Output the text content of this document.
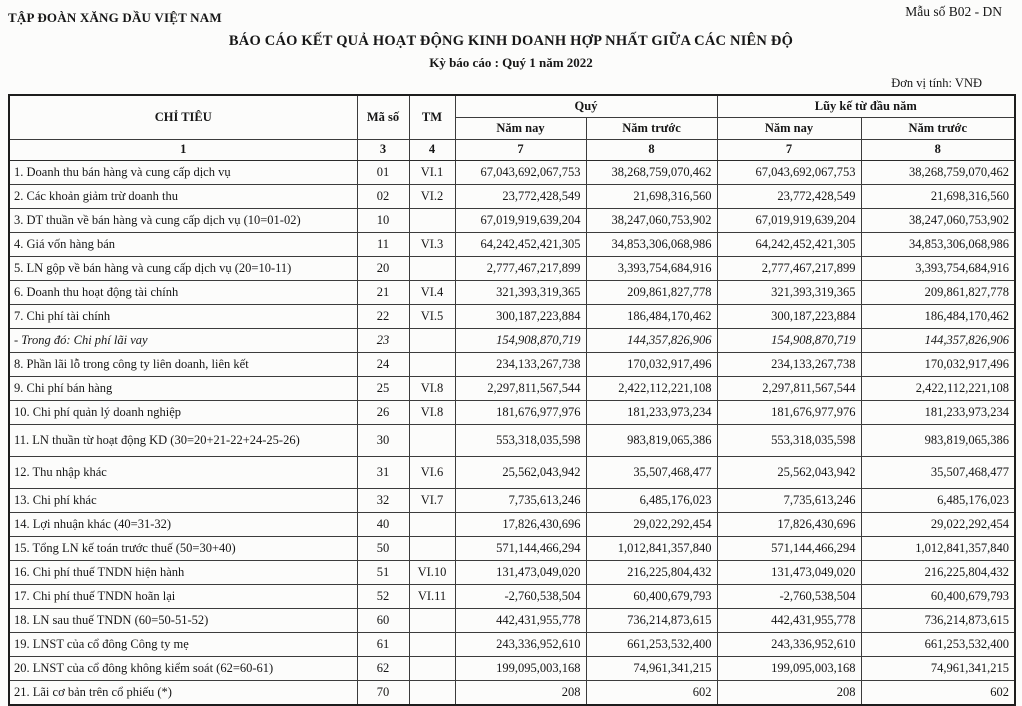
TẬP ĐOÀN XĂNG DẦU VIỆT NAM	Mẫu số B02 - DN
BÁO CÁO KẾT QUẢ HOẠT ĐỘNG KINH DOANH HỢP NHẤT GIỮA CÁC NIÊN ĐỘ
Kỳ báo cáo : Quý 1 năm 2022
Đơn vị tính: VNĐ
CHỈ TIÊU	Mã số	TM	Quý		Lũy kế từ đầu năm	
			Năm nay	Năm trước	Năm nay	Năm trước
1	3	4	7	8	7	8
1. Doanh thu bán hàng và cung cấp dịch vụ	01	VI.1	67,043,692,067,753	38,268,759,070,462	67,043,692,067,753	38,268,759,070,462
2. Các khoản giảm trừ doanh thu	02	VI.2	23,772,428,549	21,698,316,560	23,772,428,549	21,698,316,560
3. DT thuần về bán hàng và cung cấp dịch vụ (10=01-02)	10		67,019,919,639,204	38,247,060,753,902	67,019,919,639,204	38,247,060,753,902
4. Giá vốn hàng bán	11	VI.3	64,242,452,421,305	34,853,306,068,986	64,242,452,421,305	34,853,306,068,986
5. LN gộp về bán hàng và cung cấp dịch vụ (20=10-11)	20		2,777,467,217,899	3,393,754,684,916	2,777,467,217,899	3,393,754,684,916
6. Doanh thu hoạt động tài chính	21	VI.4	321,393,319,365	209,861,827,778	321,393,319,365	209,861,827,778
7. Chi phí tài chính	22	VI.5	300,187,223,884	186,484,170,462	300,187,223,884	186,484,170,462
- Trong đó: Chi phí lãi vay	23		154,908,870,719	144,357,826,906	154,908,870,719	144,357,826,906
8. Phần lãi lỗ trong công ty liên doanh, liên kết	24		234,133,267,738	170,032,917,496	234,133,267,738	170,032,917,496
9. Chi phí bán hàng	25	VI.8	2,297,811,567,544	2,422,112,221,108	2,297,811,567,544	2,422,112,221,108
10. Chi phí quản lý doanh nghiệp	26	VI.8	181,676,977,976	181,233,973,234	181,676,977,976	181,233,973,234
11. LN thuần từ hoạt động KD (30=20+21-22+24-25-26)	30		553,318,035,598	983,819,065,386	553,318,035,598	983,819,065,386
12. Thu nhập khác	31	VI.6	25,562,043,942	35,507,468,477	25,562,043,942	35,507,468,477
13. Chi phí khác	32	VI.7	7,735,613,246	6,485,176,023	7,735,613,246	6,485,176,023
14. Lợi nhuận khác (40=31-32)	40		17,826,430,696	29,022,292,454	17,826,430,696	29,022,292,454
15. Tổng LN kế toán trước thuế (50=30+40)	50		571,144,466,294	1,012,841,357,840	571,144,466,294	1,012,841,357,840
16. Chi phí thuế TNDN hiện hành	51	VI.10	131,473,049,020	216,225,804,432	131,473,049,020	216,225,804,432
17. Chi phí thuế TNDN hoãn lại	52	VI.11	-2,760,538,504	60,400,679,793	-2,760,538,504	60,400,679,793
18. LN sau thuế TNDN (60=50-51-52)	60		442,431,955,778	736,214,873,615	442,431,955,778	736,214,873,615
19. LNST của cổ đông Công ty mẹ	61		243,336,952,610	661,253,532,400	243,336,952,610	661,253,532,400
20. LNST của cổ đông không kiểm soát (62=60-61)	62		199,095,003,168	74,961,341,215	199,095,003,168	74,961,341,215
21. Lãi cơ bản trên cổ phiếu (*)	70		208	602	208	602
